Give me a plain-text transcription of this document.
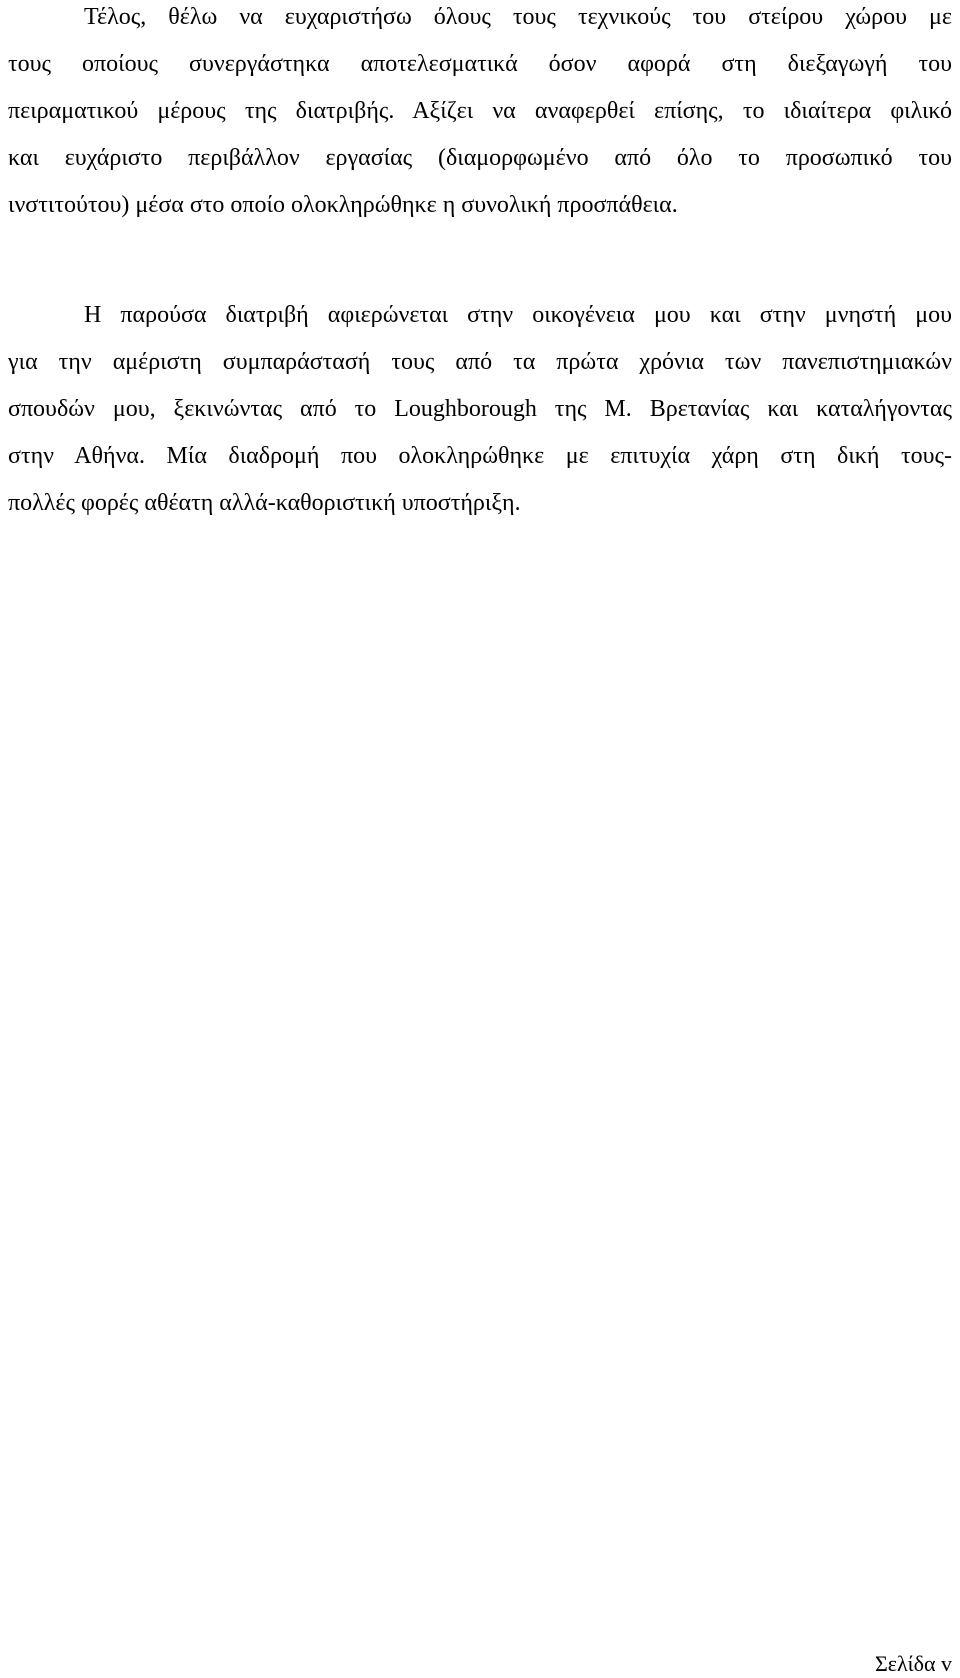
Τέλος, θέλω να ευχαριστήσω όλους τους τεχνικούς του στείρου χώρου με
τους οποίους συνεργάστηκα αποτελεσματικά όσον αφορά στη διεξαγωγή του
πειραματικού μέρους της διατριβής. Αξίζει να αναφερθεί επίσης, το ιδιαίτερα φιλικό
και ευχάριστο περιβάλλον εργασίας (διαμορφωμένο από όλο το προσωπικό του
ινστιτούτου) μέσα στο οποίο ολοκληρώθηκε η συνολική προσπάθεια.
Η παρούσα διατριβή αφιερώνεται στην οικογένεια μου και στην μνηστή μου
για την αμέριστη συμπαράστασή τους από τα πρώτα χρόνια των πανεπιστημιακών
σπουδών μου, ξεκινώντας από το Loughborough της Μ. Βρετανίας και καταλήγοντας
στην Αθήνα. Μία διαδρομή που ολοκληρώθηκε με επιτυχία χάρη στη δική τους-
πολλές φορές αθέατη αλλά-καθοριστική υποστήριξη.
Σελίδα v
